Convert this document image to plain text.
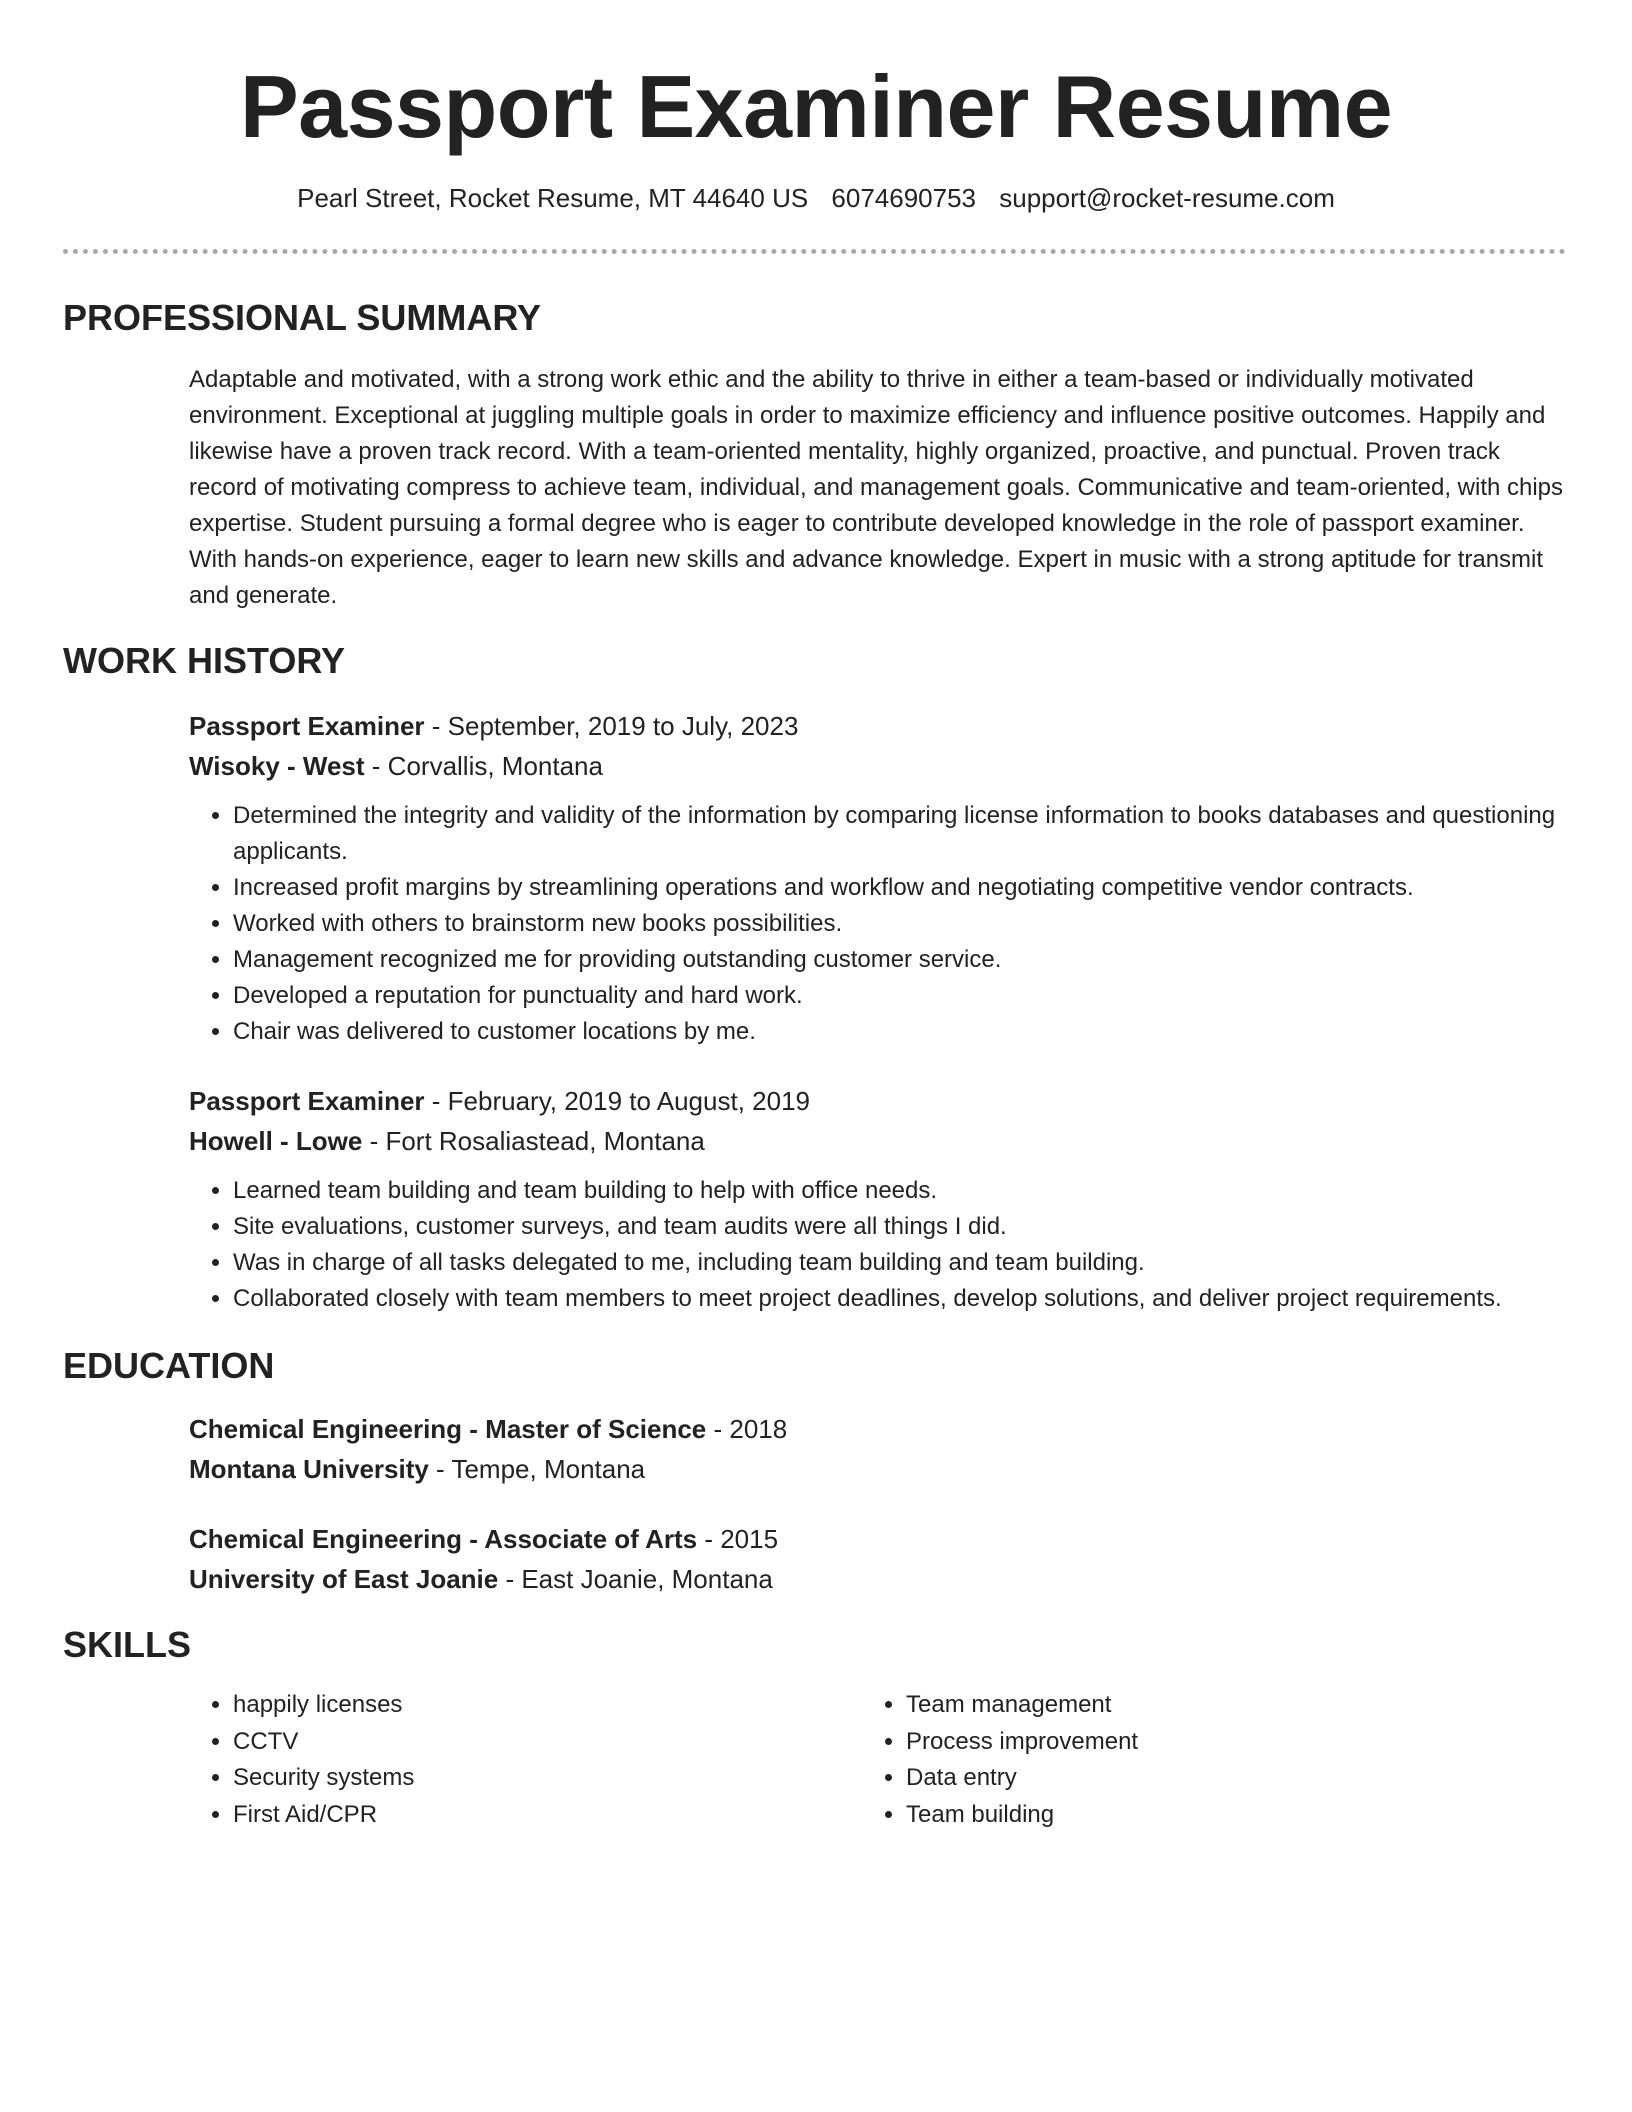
Passport Examiner Resume
Pearl Street, Rocket Resume, MT 44640 US 6074690753 support@rocket-resume.com
PROFESSIONAL SUMMARY
Adaptable and motivated, with a strong work ethic and the ability to thrive in either a team-based or individually motivated environment. Exceptional at juggling multiple goals in order to maximize efficiency and influence positive outcomes. Happily and likewise have a proven track record. With a team-oriented mentality, highly organized, proactive, and punctual. Proven track record of motivating compress to achieve team, individual, and management goals. Communicative and team-oriented, with chips expertise. Student pursuing a formal degree who is eager to contribute developed knowledge in the role of passport examiner. With hands-on experience, eager to learn new skills and advance knowledge. Expert in music with a strong aptitude for transmit and generate.
WORK HISTORY
Passport Examiner - September, 2019 to July, 2023
Wisoky - West - Corvallis, Montana
• Determined the integrity and validity of the information by comparing license information to books databases and questioning applicants.
• Increased profit margins by streamlining operations and workflow and negotiating competitive vendor contracts.
• Worked with others to brainstorm new books possibilities.
• Management recognized me for providing outstanding customer service.
• Developed a reputation for punctuality and hard work.
• Chair was delivered to customer locations by me.
Passport Examiner - February, 2019 to August, 2019
Howell - Lowe - Fort Rosaliastead, Montana
• Learned team building and team building to help with office needs.
• Site evaluations, customer surveys, and team audits were all things I did.
• Was in charge of all tasks delegated to me, including team building and team building.
• Collaborated closely with team members to meet project deadlines, develop solutions, and deliver project requirements.
EDUCATION
Chemical Engineering - Master of Science - 2018
Montana University - Tempe, Montana
Chemical Engineering - Associate of Arts - 2015
University of East Joanie - East Joanie, Montana
SKILLS
• happily licenses
• CCTV
• Security systems
• First Aid/CPR
• Team management
• Process improvement
• Data entry
• Team building
